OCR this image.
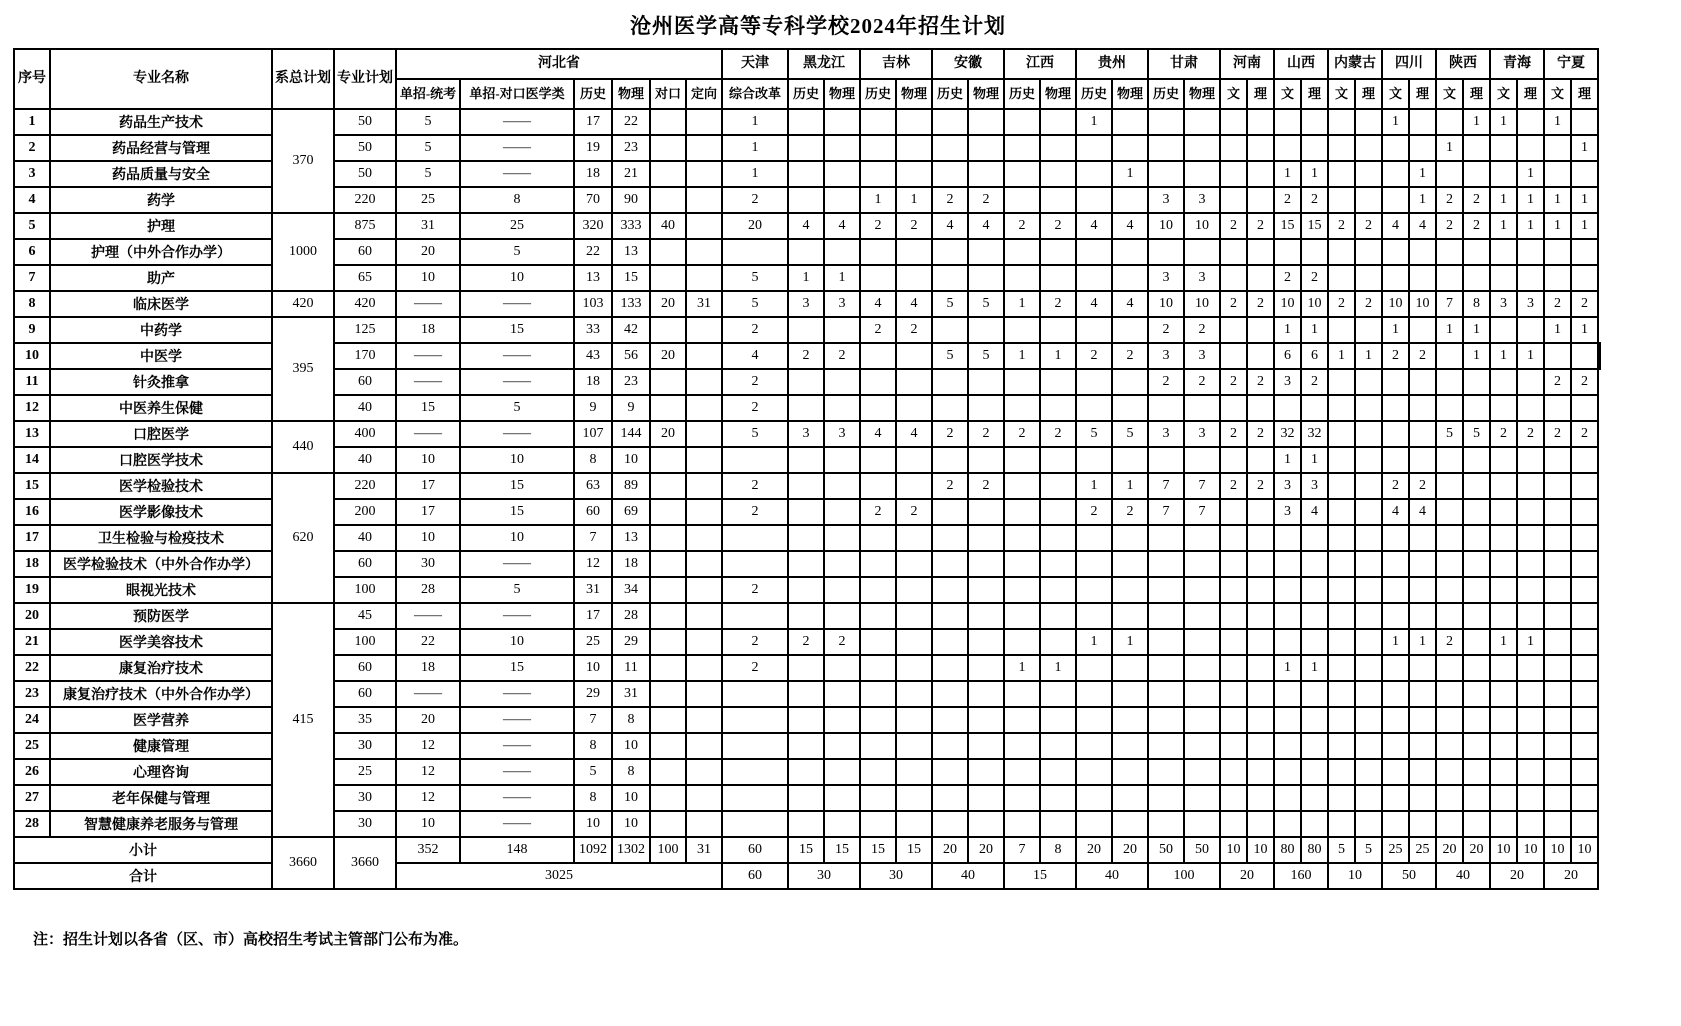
沧州医学高等专科学校2024年招生计划
序号	专业名称	系总计划	专业计划	河北省						天津	黑龙江		吉林		安徽		江西		贵州		甘肃		河南		山西		内蒙古		四川		陕西		青海		宁夏		
				单招-统考	单招-对口医学类	历史	物理	对口	定向	综合改革	历史	物理	历史	物理	历史	物理	历史	物理	历史	物理	历史	物理	文	理	文	理	文	理	文	理	文	理	文	理	文	理	
1	药品生产技术	370	50	5	——	17	22			1									1										1			1	1		1		
2	药品经营与管理		50	5	——	19	23			1																					1					1	
3	药品质量与安全		50	5	——	18	21			1										1					1	1				1				1			
4	药学		220	25	8	70	90			2			1	1	2	2					3	3			2	2				1	2	2	1	1	1	1	
5	护理	1000	875	31	25	320	333	40		20	4	4	2	2	4	4	2	2	4	4	10	10	2	2	15	15	2	2	4	4	2	2	1	1	1	1	
6	护理（中外合作办学）		60	20	5	22	13																														
7	助产		65	10	10	13	15			5	1	1									3	3			2	2											
8	临床医学	420	420	——	——	103	133	20	31	5	3	3	4	4	5	5	1	2	4	4	10	10	2	2	10	10	2	2	10	10	7	8	3	3	2	2	
9	中药学	395	125	18	15	33	42			2			2	2							2	2			1	1			1		1	1			1	1	
10	中医学		170	——	——	43	56	20		4	2	2			5	5	1	1	2	2	3	3			6	6	1	1	2	2		1	1	1			
11	针灸推拿		60	——	——	18	23			2											2	2	2	2	3	2									2	2	
12	中医养生保健		40	15	5	9	9			2																											
13	口腔医学	440	400	——	——	107	144	20		5	3	3	4	4	2	2	2	2	5	5	3	3	2	2	32	32					5	5	2	2	2	2	
14	口腔医学技术		40	10	10	8	10																		1	1											
15	医学检验技术	620	220	17	15	63	89			2					2	2			1	1	7	7	2	2	3	3			2	2							
16	医学影像技术		200	17	15	60	69			2			2	2					2	2	7	7			3	4			4	4							
17	卫生检验与检疫技术		40	10	10	7	13																														
18	医学检验技术（中外合作办学）		60	30	——	12	18																														
19	眼视光技术		100	28	5	31	34			2																											
20	预防医学	415	45	——	——	17	28																														
21	医学美容技术		100	22	10	25	29			2	2	2							1	1									1	1	2		1	1			
22	康复治疗技术		60	18	15	10	11			2							1	1							1	1											
23	康复治疗技术（中外合作办学）		60	——	——	29	31																														
24	医学营养		35	20	——	7	8																														
25	健康管理		30	12	——	8	10																														
26	心理咨询		25	12	——	5	8																														
27	老年保健与管理		30	12	——	8	10																														
28	智慧健康养老服务与管理		30	10	——	10	10																														
小计		3660	3660	352	148	1092	1302	100	31	60	15	15	15	15	20	20	7	8	20	20	50	50	10	10	80	80	5	5	25	25	20	20	10	10	10	10	
合计				3025						60	30		30		40		15		40		100		20		160		10		50		40		20		20		
注：招生计划以各省（区、市）高校招生考试主管部门公布为准。
